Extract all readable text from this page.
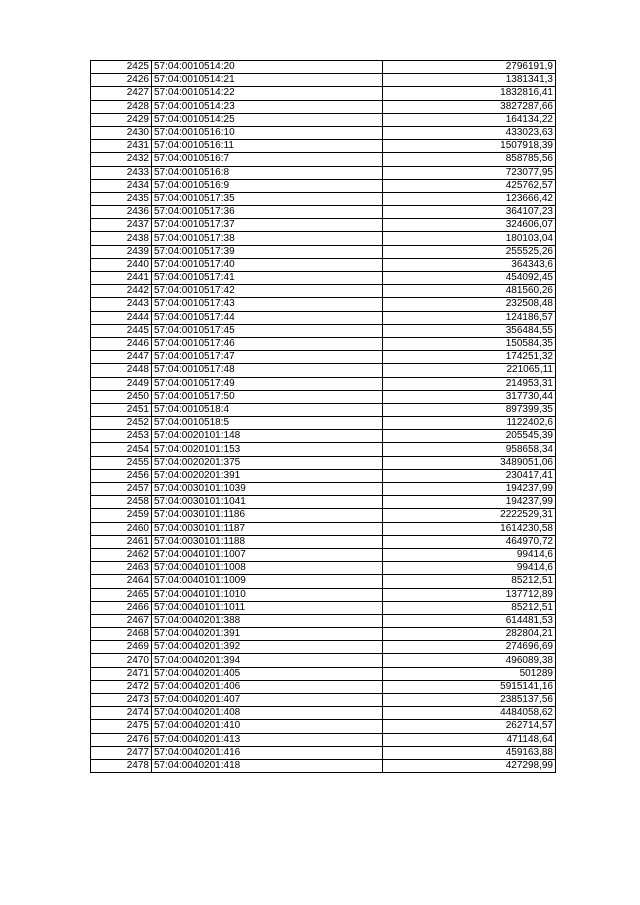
2425	57:04:0010514:20	2796191,9
2426	57:04:0010514:21	1381341,3
2427	57:04:0010514:22	1832816,41
2428	57:04:0010514:23	3827287,66
2429	57:04:0010514:25	164134,22
2430	57:04:0010516:10	433023,63
2431	57:04:0010516:11	1507918,39
2432	57:04:0010516:7	858785,56
2433	57:04:0010516:8	723077,95
2434	57:04:0010516:9	425762,57
2435	57:04:0010517:35	123666,42
2436	57:04:0010517:36	364107,23
2437	57:04:0010517:37	324606,07
2438	57:04:0010517:38	180103,04
2439	57:04:0010517:39	255525,26
2440	57:04:0010517:40	364343,6
2441	57:04:0010517:41	454092,45
2442	57:04:0010517:42	481560,26
2443	57:04:0010517:43	232508,48
2444	57:04:0010517:44	124186,57
2445	57:04:0010517:45	356484,55
2446	57:04:0010517:46	150584,35
2447	57:04:0010517:47	174251,32
2448	57:04:0010517:48	221065,11
2449	57:04:0010517:49	214953,31
2450	57:04:0010517:50	317730,44
2451	57:04:0010518:4	897399,35
2452	57:04:0010518:5	1122402,6
2453	57:04:0020101:148	205545,39
2454	57:04:0020101:153	958658,34
2455	57:04:0020201:375	3489051,06
2456	57:04:0020201:391	230417,41
2457	57:04:0030101:1039	194237,99
2458	57:04:0030101:1041	194237,99
2459	57:04:0030101:1186	2222529,31
2460	57:04:0030101:1187	1614230,58
2461	57:04:0030101:1188	464970,72
2462	57:04:0040101:1007	99414,6
2463	57:04:0040101:1008	99414,6
2464	57:04:0040101:1009	85212,51
2465	57:04:0040101:1010	137712,89
2466	57:04:0040101:1011	85212,51
2467	57:04:0040201:388	614481,53
2468	57:04:0040201:391	282804,21
2469	57:04:0040201:392	274696,69
2470	57:04:0040201:394	496089,38
2471	57:04:0040201:405	501289
2472	57:04:0040201:406	5915141,16
2473	57:04:0040201:407	2385137,56
2474	57:04:0040201:408	4484058,62
2475	57:04:0040201:410	262714,57
2476	57:04:0040201:413	471148,64
2477	57:04:0040201:416	459163,88
2478	57:04:0040201:418	427298,99
